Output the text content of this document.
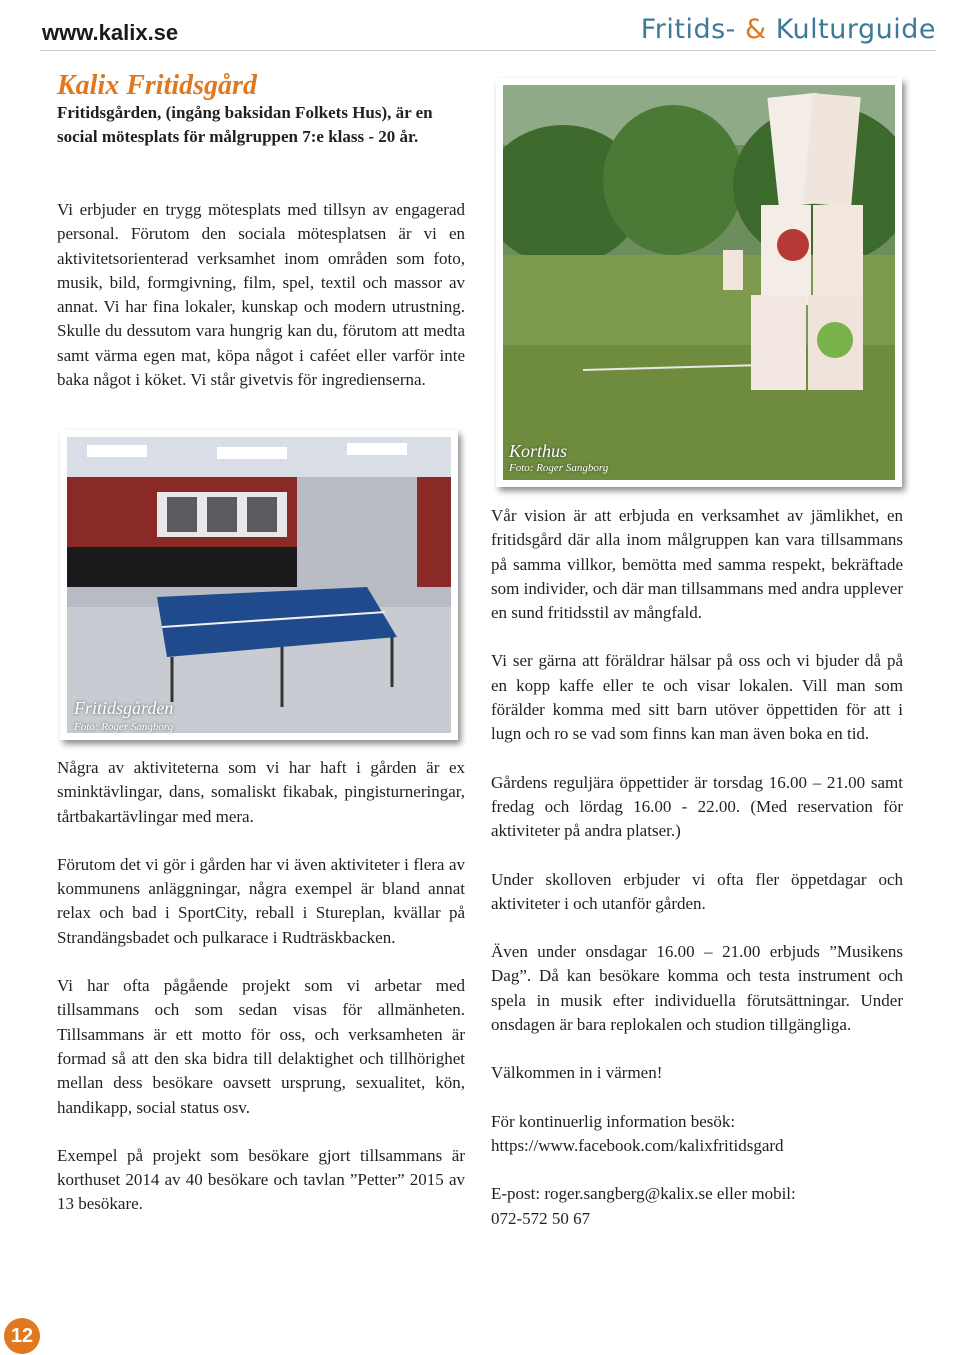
www.kalix.se	Fritids- & Kulturguide
Kalix Fritidsgård
Fritidsgården, (ingång baksidan Folkets Hus), är en social mötesplats för målgruppen 7:e klass - 20 år.

Vi erbjuder en trygg mötesplats med tillsyn av engagerad personal. Förutom den sociala mötesplatsen är vi en aktivitetsorienterad verksamhet inom områden som foto, musik, bild, formgivning, film, spel, textil och massor av annat. Vi har fina lokaler, kunskap och modern utrustning. Skulle du dessutom vara hungrig kan du, förutom att medta samt värma egen mat, köpa något i caféet eller varför inte baka något i köket. Vi står givetvis för ingredienserna.

Fritidsgården
Foto: Roger Sangborg
Korthus
Foto: Roger Sangborg

Några av aktiviteterna som vi har haft i gården är ex sminktävlingar, dans, somaliskt fikabak, pingisturneringar, tårtbakartävlingar med mera.

Förutom det vi gör i gården har vi även aktiviteter i flera av kommunens anläggningar, några exempel är bland annat relax och bad i SportCity, reball i Stureplan, kvällar på Strandängsbadet och pulkarace i Rudträskbacken.

Vi har ofta pågående projekt som vi arbetar med tillsammans och som sedan visas för allmänheten. Tillsammans är ett motto för oss, och verksamheten är formad så att den ska bidra till delaktighet och tillhörighet mellan dess besökare oavsett ursprung, sexualitet, kön, handikapp, social status osv.

Exempel på projekt som besökare gjort tillsammans är korthuset 2014 av 40 besökare och tavlan ”Petter” 2015 av 13 besökare.

Vår vision är att erbjuda en verksamhet av jämlikhet, en fritidsgård där alla inom målgruppen kan vara tillsammans på samma villkor, bemötta med samma respekt, bekräftade som individer, och där man tillsammans med andra upplever en sund fritidsstil av mångfald.

Vi ser gärna att föräldrar hälsar på oss och vi bjuder då på en kopp kaffe eller te och visar lokalen. Vill man som förälder komma med sitt barn utöver öppettiden för att i lugn och ro se vad som finns kan man även boka en tid.

Gårdens reguljära öppettider är torsdag 16.00 – 21.00 samt fredag och lördag 16.00 - 22.00. (Med reservation för aktiviteter på andra platser.)

Under skolloven erbjuder vi ofta fler öppetdagar och aktiviteter i och utanför gården.

Även under onsdagar 16.00 – 21.00 erbjuds ”Musikens Dag”. Då kan besökare komma och testa instrument och spela in musik efter individuella förutsättningar. Under onsdagen är bara replokalen och studion tillgängliga.

Välkommen in i värmen!

För kontinuerlig information besök:

https://www.facebook.com/kalixfritidsgard

E-post: roger.sangberg@kalix.se eller mobil:

072-572 50 67

12
